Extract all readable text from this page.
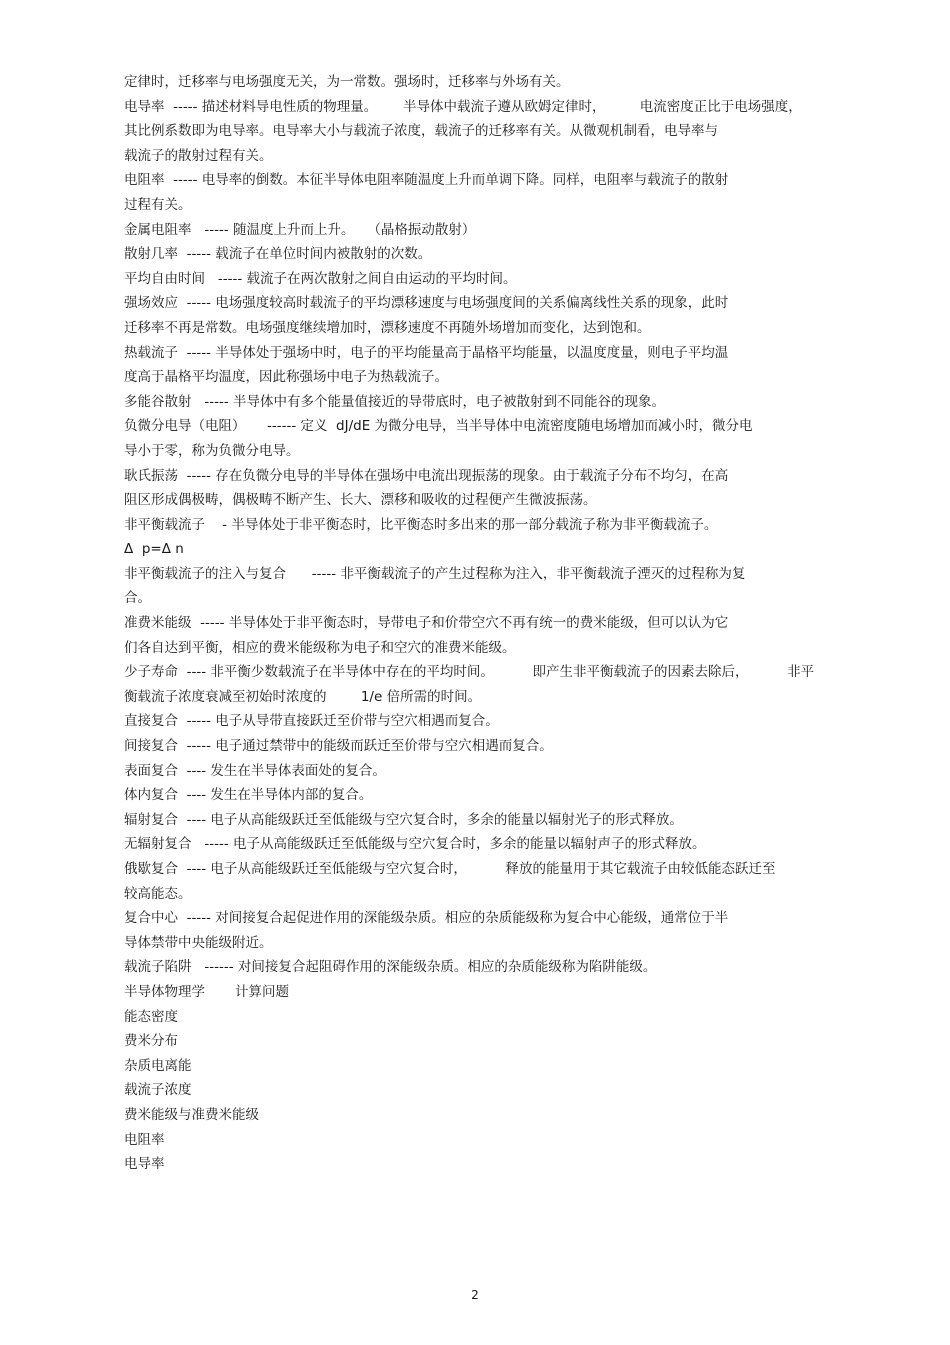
定律时，迁移率与电场强度无关，为一常数。强场时，迁移率与外场有关。
电导率  ----- 描述材料导电性质的物理量。      半导体中载流子遵从欧姆定律时，        电流密度正比于电场强度，
其比例系数即为电导率。电导率大小与载流子浓度，载流子的迁移率有关。从微观机制看，电导率与
载流子的散射过程有关。
电阻率  ----- 电导率的倒数。本征半导体电阻率随温度上升而单调下降。同样，电阻率与载流子的散射
过程有关。
金属电阻率   ----- 随温度上升而上升。   （晶格振动散射）
散射几率  ----- 载流子在单位时间内被散射的次数。
平均自由时间   ----- 载流子在两次散射之间自由运动的平均时间。
强场效应  ----- 电场强度较高时载流子的平均漂移速度与电场强度间的关系偏离线性关系的现象，此时
迁移率不再是常数。电场强度继续增加时，漂移速度不再随外场增加而变化，达到饱和。
热载流子  ----- 半导体处于强场中时，电子的平均能量高于晶格平均能量，以温度度量，则电子平均温
度高于晶格平均温度，因此称强场中电子为热载流子。
多能谷散射   ----- 半导体中有多个能量值接近的导带底时，电子被散射到不同能谷的现象。
负微分电导（电阻）     ------ 定义  dJ/dE 为微分电导，当半导体中电流密度随电场增加而减小时，微分电
导小于零，称为负微分电导。
耿氏振荡  ----- 存在负微分电导的半导体在强场中电流出现振荡的现象。由于载流子分布不均匀，在高
阻区形成偶极畴，偶极畴不断产生、长大、漂移和吸收的过程便产生微波振荡。
非平衡载流子    - 半导体处于非平衡态时，比平衡态时多出来的那一部分载流子称为非平衡载流子。
Δ  p=Δ n
非平衡载流子的注入与复合      ----- 非平衡载流子的产生过程称为注入，非平衡载流子湮灭的过程称为复
合。
准费米能级  ----- 半导体处于非平衡态时，导带电子和价带空穴不再有统一的费米能级，但可以认为它
们各自达到平衡，相应的费米能级称为电子和空穴的准费米能级。
少子寿命  ---- 非平衡少数载流子在半导体中存在的平均时间。         即产生非平衡载流子的因素去除后，         非平
衡载流子浓度衰减至初始时浓度的        1/e 倍所需的时间。
直接复合  ----- 电子从导带直接跃迁至价带与空穴相遇而复合。
间接复合  ----- 电子通过禁带中的能级而跃迁至价带与空穴相遇而复合。
表面复合  ---- 发生在半导体表面处的复合。
体内复合  ---- 发生在半导体内部的复合。
辐射复合  ---- 电子从高能级跃迁至低能级与空穴复合时，多余的能量以辐射光子的形式释放。
无辐射复合   ----- 电子从高能级跃迁至低能级与空穴复合时，多余的能量以辐射声子的形式释放。
俄歇复合  ---- 电子从高能级跃迁至低能级与空穴复合时，         释放的能量用于其它载流子由较低能态跃迁至
较高能态。
复合中心  ----- 对间接复合起促进作用的深能级杂质。相应的杂质能级称为复合中心能级，通常位于半
导体禁带中央能级附近。
载流子陷阱   ------ 对间接复合起阻碍作用的深能级杂质。相应的杂质能级称为陷阱能级。
半导体物理学       计算问题
能态密度
费米分布
杂质电离能
载流子浓度
费米能级与准费米能级
电阻率
电导率
2
